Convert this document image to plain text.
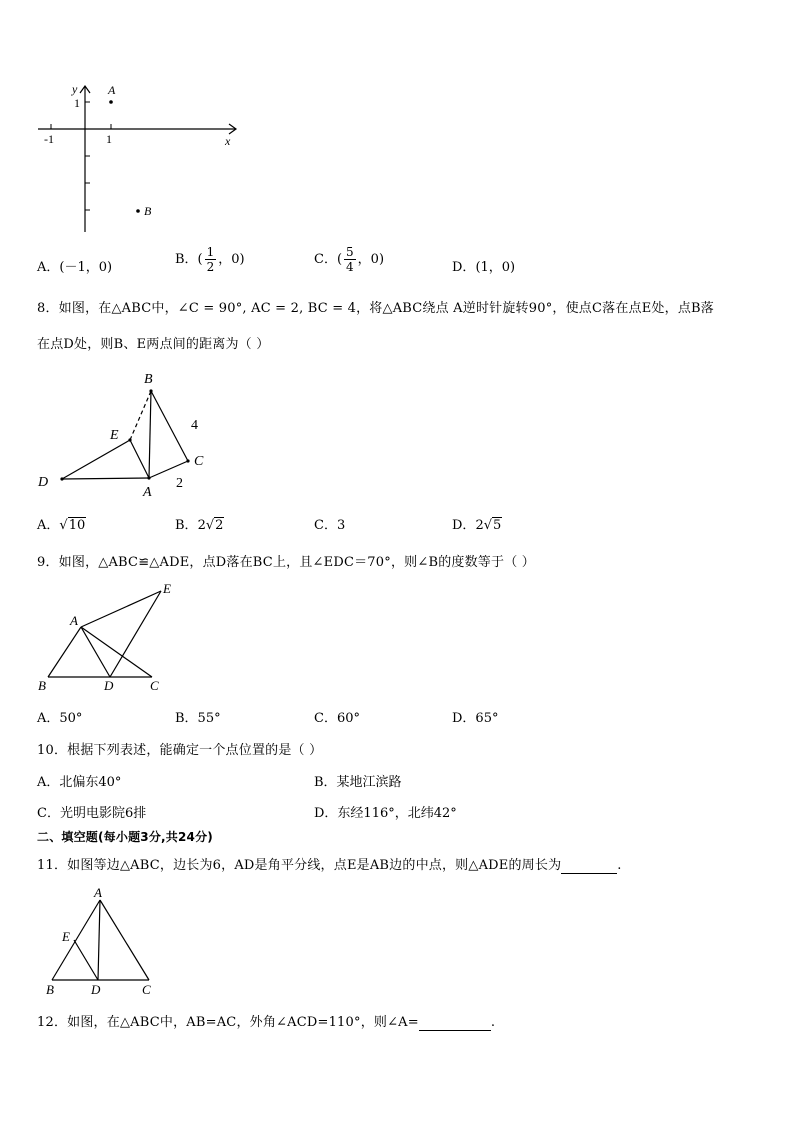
y
x
1
-1	1
A
B
A．(－1，0)
B．( $\frac{1}{2}$ ，0)	C．( $\frac{5}{4}$ ，0)
D．(1，0)
8．如图，在△ABC中，∠C = 90°, AC = 2, BC = 4，将△ABC绕点 A逆时针旋转90°，使点C落在点E处，点B落
在点D处，则B、E两点间的距离为（ ）
B
E
D
A
C
4
2
A．√10	B．2√2	C．3	D．2√5
9．如图，△ABC≌△ADE，点D落在BC上，且∠EDC＝70°，则∠B的度数等于（ ）
A
E
B	D	C
A．50°	B．55°	C．60°	D．65°
10．根据下列表述，能确定一个点位置的是（ ）
A．北偏东40°	B．某地江滨路
C．光明电影院6排	D．东经116°，北纬42°
二、填空题(每小题3分,共24分)
11．如图等边△ABC，边长为6，AD是角平分线，点E是AB边的中点，则△ADE的周长为	.
A
E
B	D	C
12．如图，在△ABC中，AB=AC，外角∠ACD=110°，则∠A=	.
